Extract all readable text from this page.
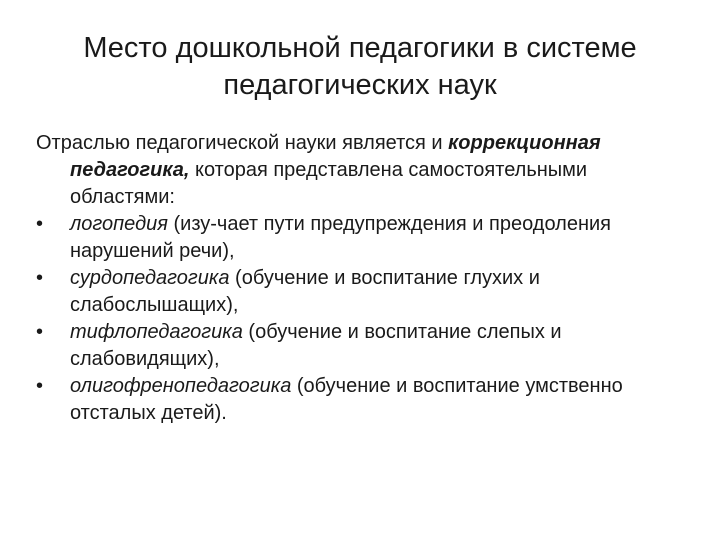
Место дошкольной педагогики в системе
педагогических наук

Отраслью педагогической науки является и коррекционная педагогика, которая представлена самостоятельными областями:

•	логопедия (изу-чает пути предупреждения и преодоления нарушений речи),
•	сурдопедагогика (обучение и воспитание глухих и слабослышащих),
•	тифлопедагогика (обучение и воспитание слепых и слабовидящих),
•	олигофренопедагогика (обучение и воспитание умственно отсталых детей).
